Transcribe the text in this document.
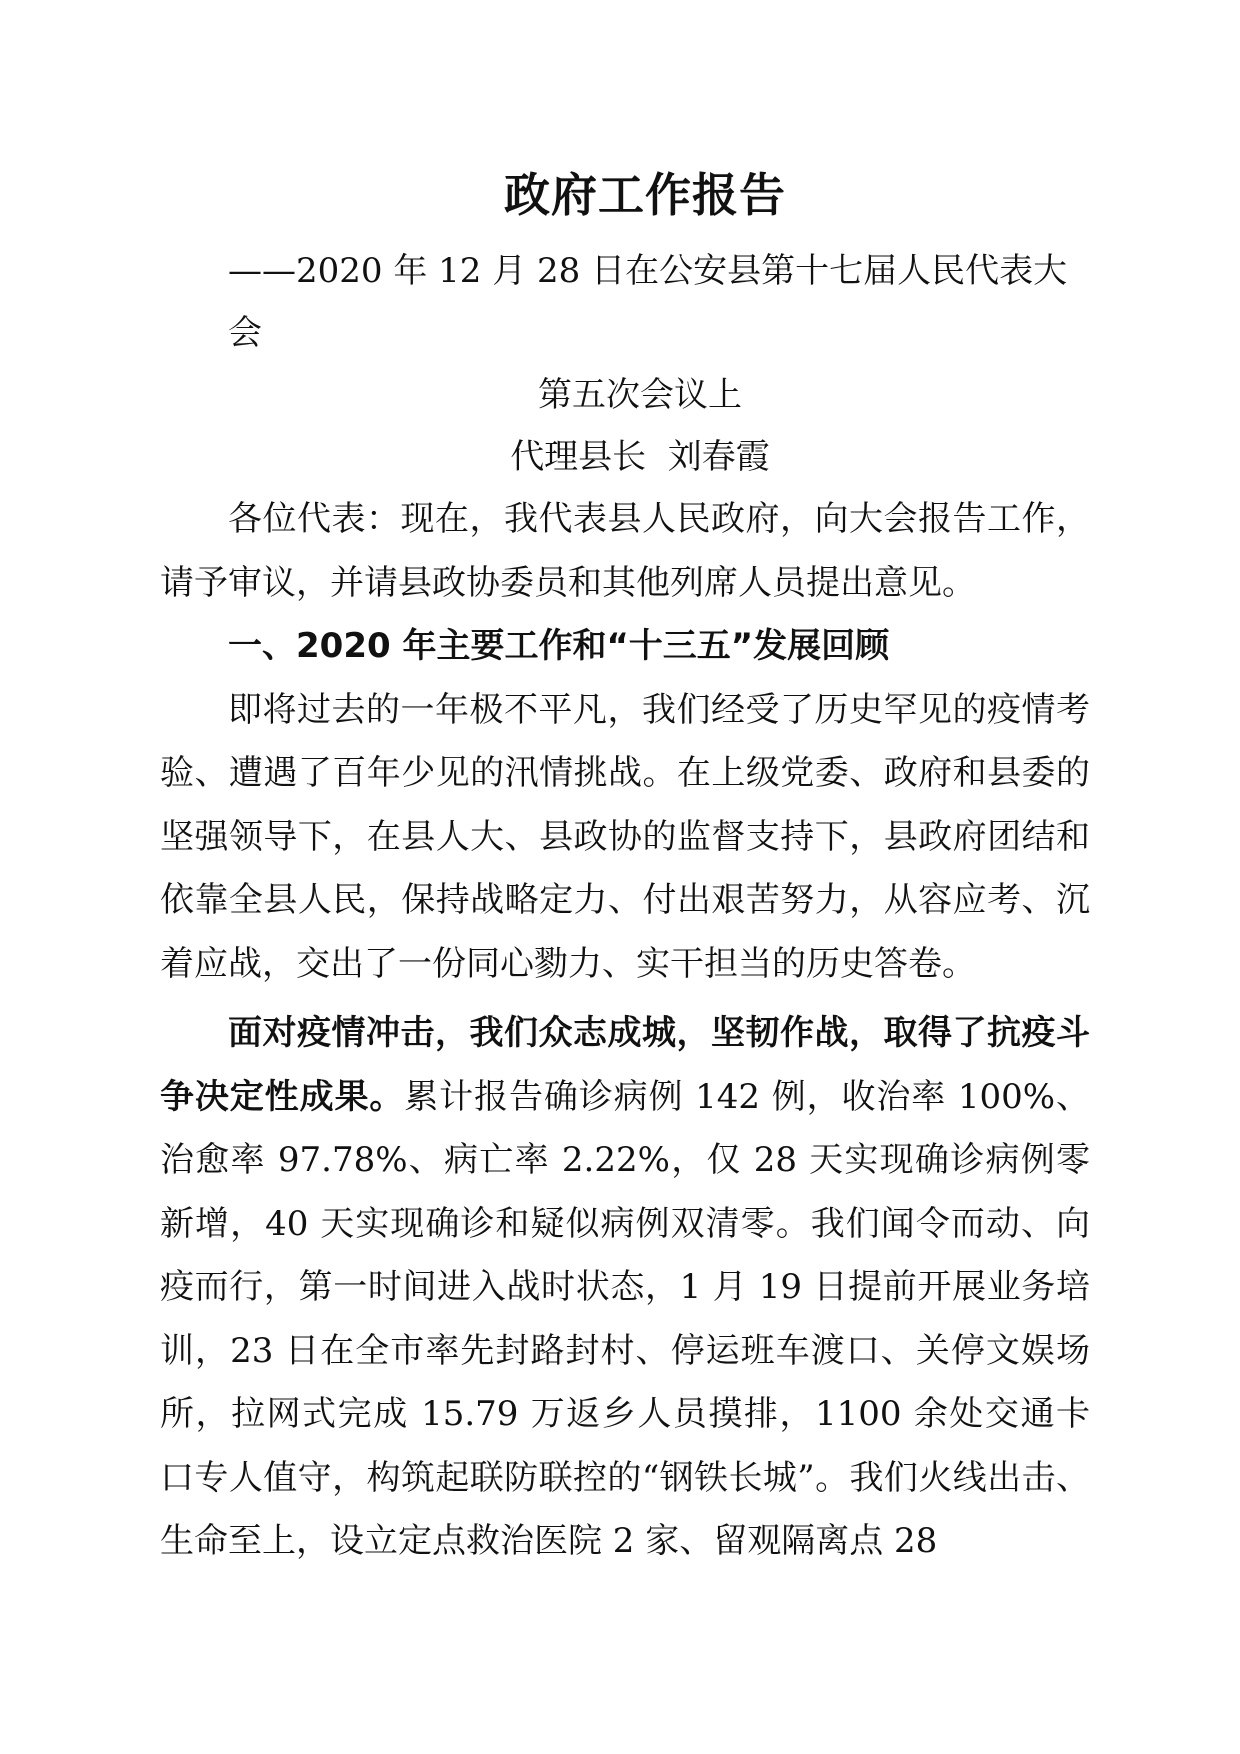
政府工作报告

——2020 年 12 月 28 日在公安县第十七届人民代表大会

第五次会议上

代理县长  刘春霞

各位代表：现在，我代表县人民政府，向大会报告工作，请予审议，并请县政协委员和其他列席人员提出意见。

一、2020 年主要工作和“十三五”发展回顾

即将过去的一年极不平凡，我们经受了历史罕见的疫情考验、遭遇了百年少见的汛情挑战。在上级党委、政府和县委的坚强领导下，在县人大、县政协的监督支持下，县政府团结和依靠全县人民，保持战略定力、付出艰苦努力，从容应考、沉着应战，交出了一份同心勠力、实干担当的历史答卷。

面对疫情冲击，我们众志成城，坚韧作战，取得了抗疫斗争决定性成果。累计报告确诊病例 142 例，收治率 100%、治愈率 97.78%、病亡率 2.22%，仅 28 天实现确诊病例零新增，40 天实现确诊和疑似病例双清零。我们闻令而动、向疫而行，第一时间进入战时状态，1 月 19 日提前开展业务培训，23 日在全市率先封路封村、停运班车渡口、关停文娱场所，拉网式完成 15.79 万返乡人员摸排，1100 余处交通卡口专人值守，构筑起联防联控的“钢铁长城”。我们火线出击、生命至上，设立定点救治医院 2 家、留观隔离点 28
